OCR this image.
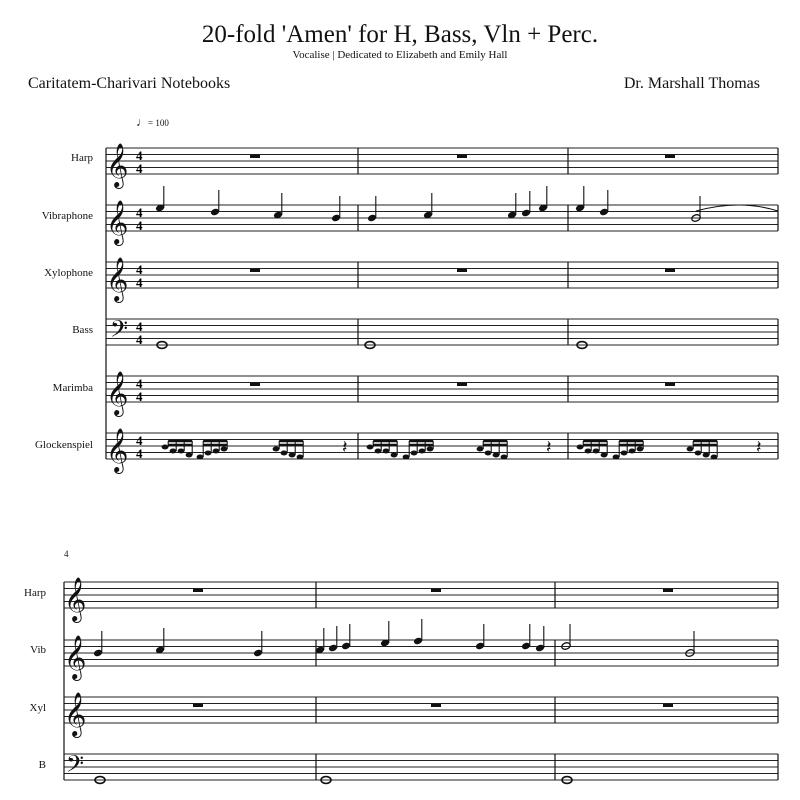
20-fold 'Amen' for H, Bass, Vln + Perc.
Vocalise | Dedicated to Elizabeth and Emily Hall
Caritatem-Charivari Notebooks	Dr. Marshall Thomas
♩= 100
Harp
Vibraphone
Xylophone
Bass
Marimba
Glockenspiel
4
Harp
Vib
Xyl
B
𝄞 4
4
𝄞 4
4
𝄞 4
4
𝄢 4
4
𝄞 4
4
𝄞 4
4	𝄽	𝄽	𝄽
𝄞
𝄞
𝄞
𝄢
